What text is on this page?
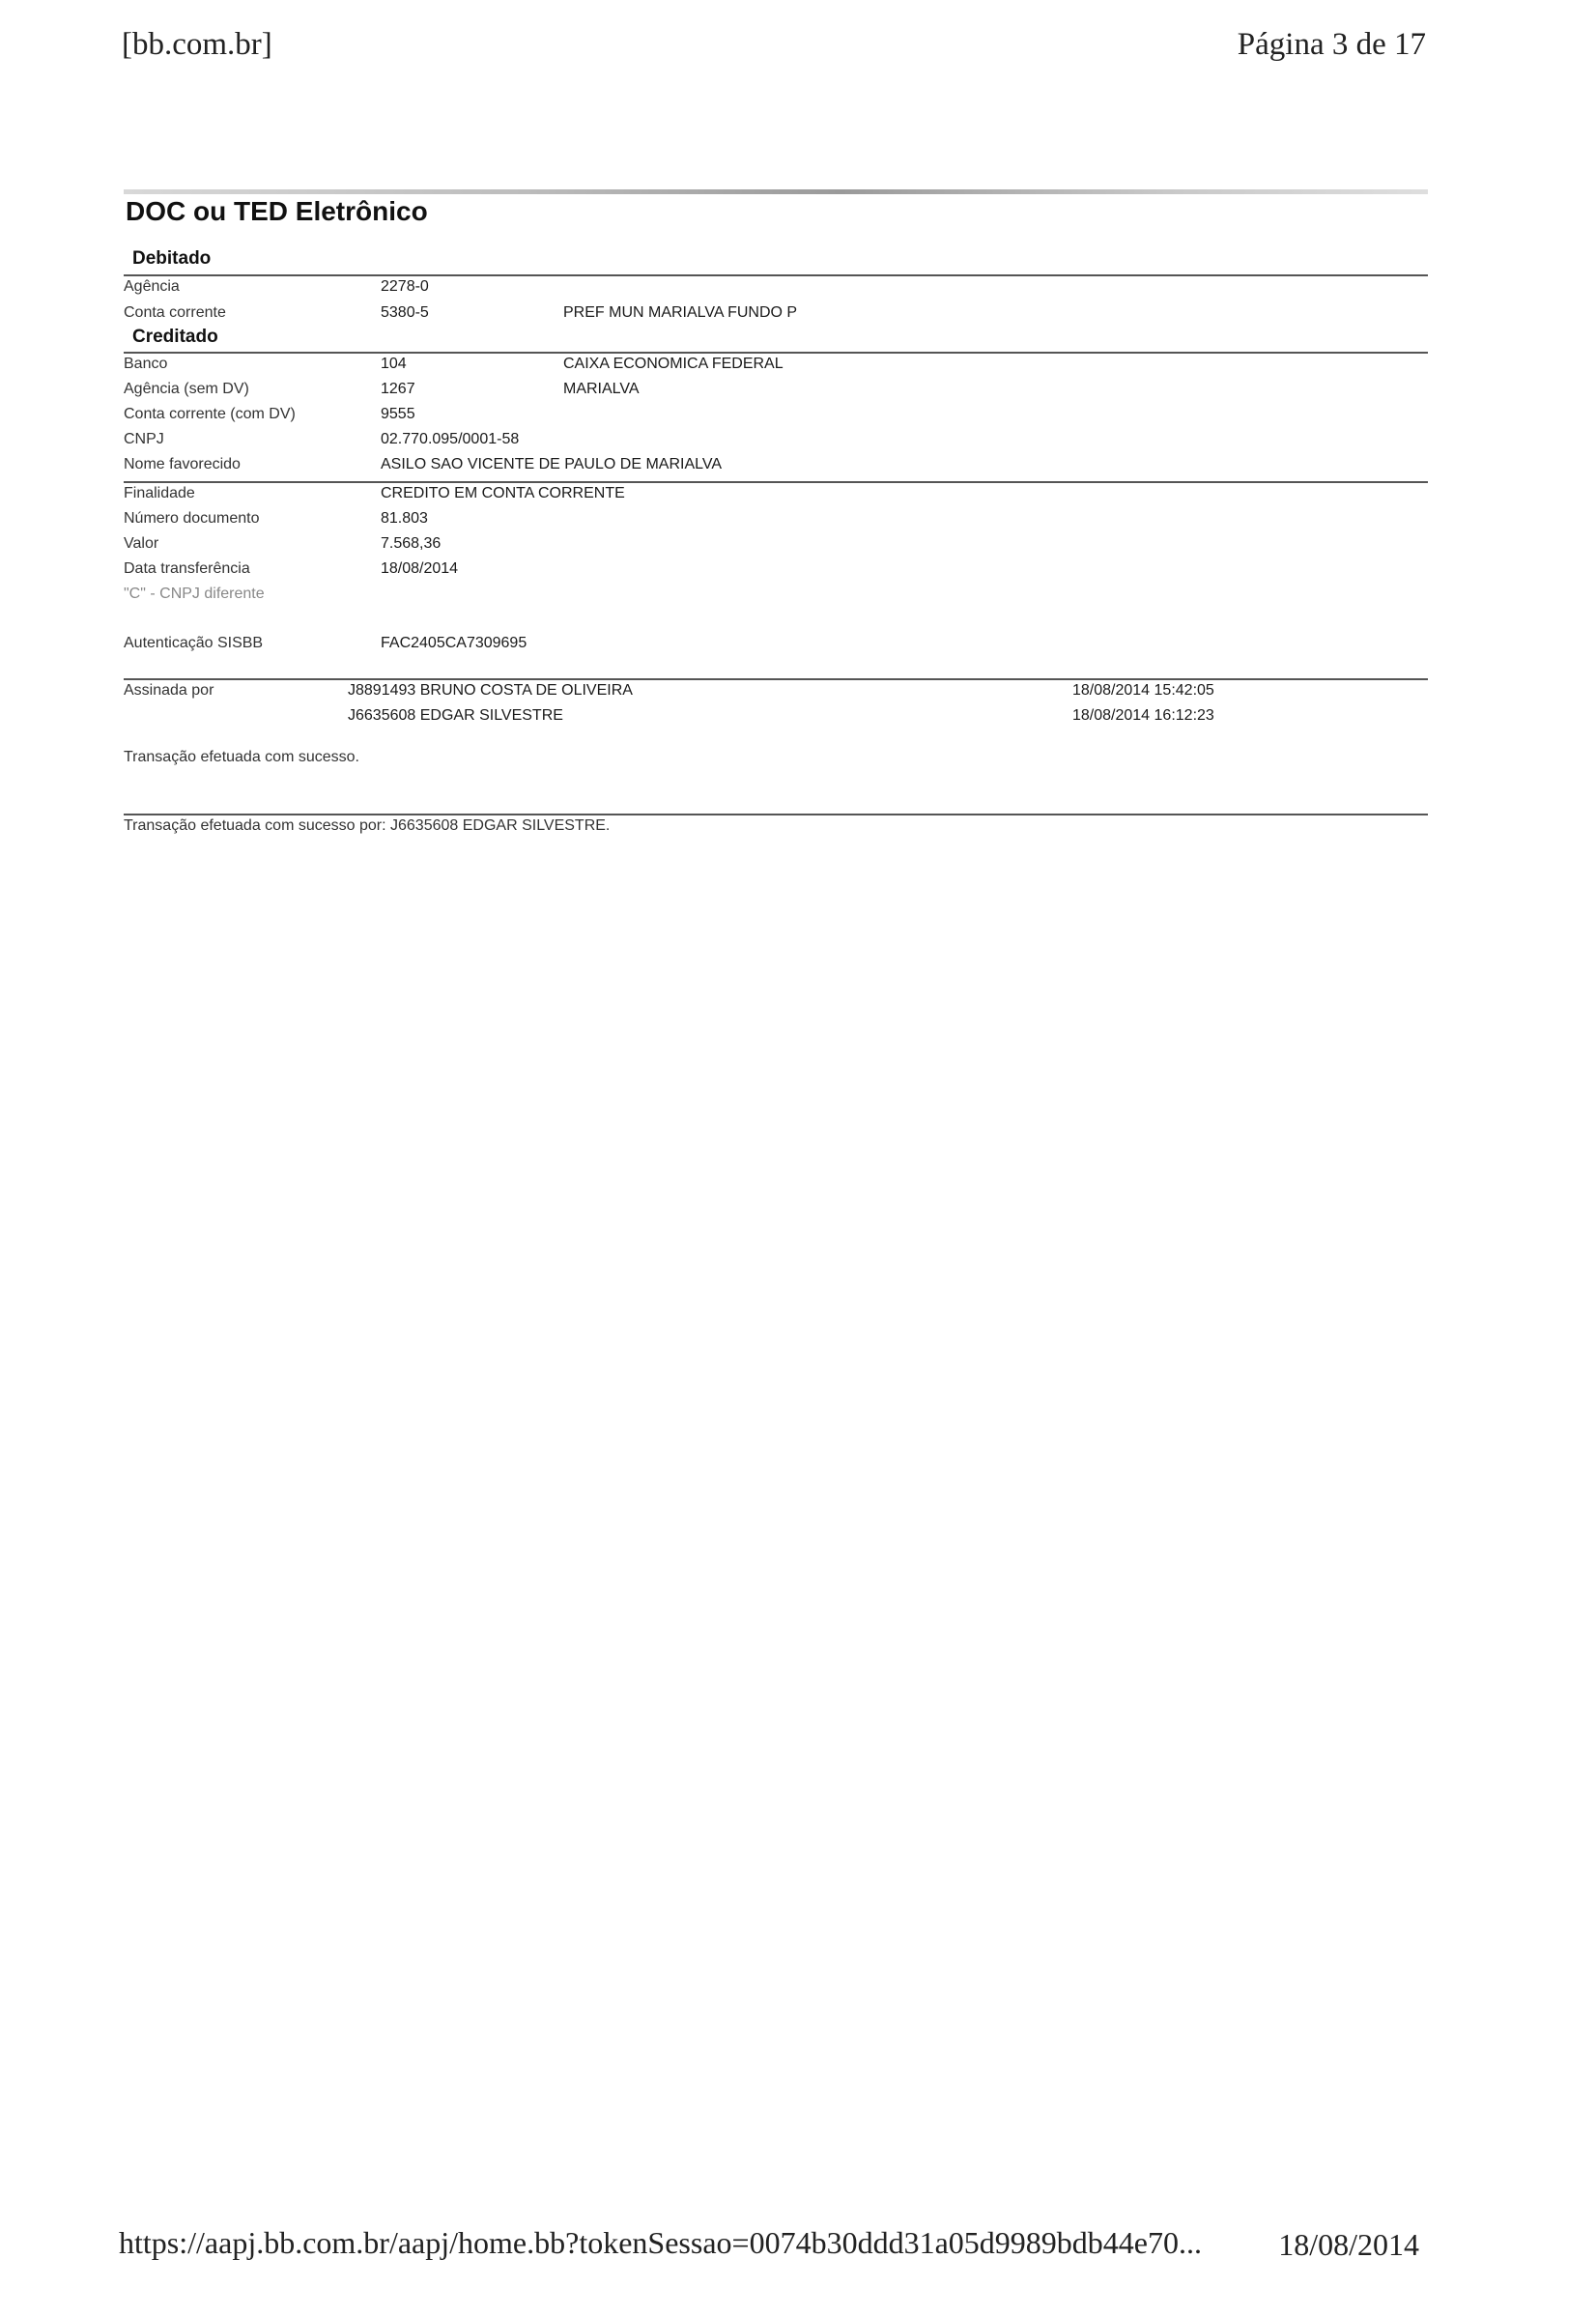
[bb.com.br]	Página 3 de 17
DOC ou TED Eletrônico
Debitado
Agência	2278-0
Conta corrente	5380-5	PREF MUN MARIALVA FUNDO P
Creditado
Banco	104	CAIXA ECONOMICA FEDERAL
Agência (sem DV)	1267	MARIALVA
Conta corrente (com DV)	9555
CNPJ	02.770.095/0001-58
Nome favorecido	ASILO SAO VICENTE DE PAULO DE MARIALVA
Finalidade	CREDITO EM CONTA CORRENTE
Número documento	81.803
Valor	7.568,36
Data transferência	18/08/2014
"C" - CNPJ diferente
Autenticação SISBB	FAC2405CA7309695
Assinada por	J8891493 BRUNO COSTA DE OLIVEIRA	18/08/2014 15:42:05
J6635608 EDGAR SILVESTRE	18/08/2014 16:12:23
Transação efetuada com sucesso.
Transação efetuada com sucesso por: J6635608 EDGAR SILVESTRE.
https://aapj.bb.com.br/aapj/home.bb?tokenSessao=0074b30ddd31a05d9989bdb44e70... 18/08/2014
